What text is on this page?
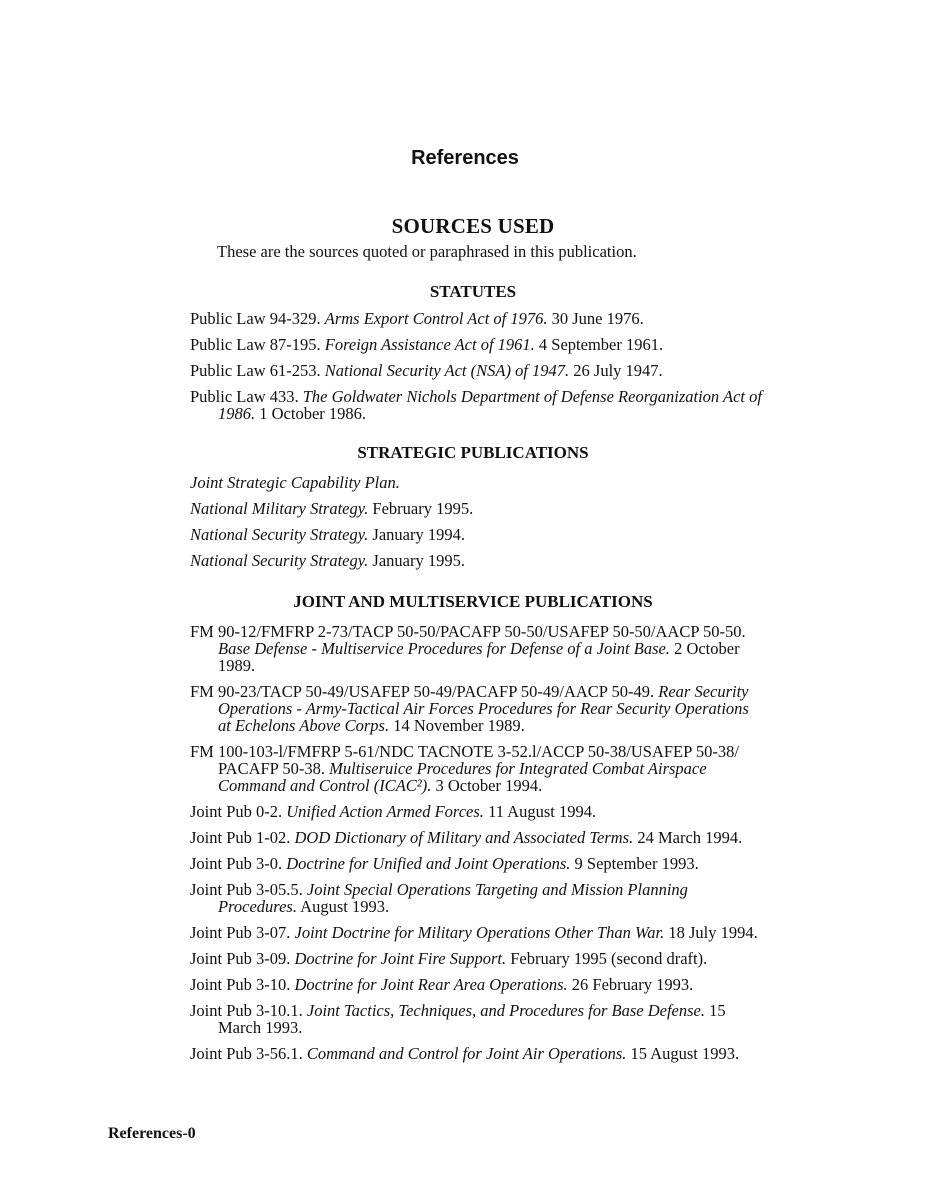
References
SOURCES USED
These are the sources quoted or paraphrased in this publication.
STATUTES
Public Law 94-329. Arms Export Control Act of 1976. 30 June 1976.
Public Law 87-195. Foreign Assistance Act of 1961. 4 September 1961.
Public Law 61-253. National Security Act (NSA) of 1947. 26 July 1947.
Public Law 433. The Goldwater Nichols Department of Defense Reorganization Act of 1986. 1 October 1986.
STRATEGIC PUBLICATIONS
Joint Strategic Capability Plan.
National Military Strategy. February 1995.
National Security Strategy. January 1994.
National Security Strategy. January 1995.
JOINT AND MULTISERVICE PUBLICATIONS
FM 90-12/FMFRP 2-73/TACP 50-50/PACAFP 50-50/USAFEP 50-50/AACP 50-50. Base Defense - Multiservice Procedures for Defense of a Joint Base. 2 October 1989.
FM 90-23/TACP 50-49/USAFEP 50-49/PACAFP 50-49/AACP 50-49. Rear Security Operations - Army-Tactical Air Forces Procedures for Rear Security Operations at Echelons Above Corps. 14 November 1989.
FM 100-103-l/FMFRP 5-61/NDC TACNOTE 3-52.l/ACCP 50-38/USAFEP 50-38/ PACAFP 50-38. Multiseruice Procedures for Integrated Combat Airspace Command and Control (ICAC²). 3 October 1994.
Joint Pub 0-2. Unified Action Armed Forces. 11 August 1994.
Joint Pub 1-02. DOD Dictionary of Military and Associated Terms. 24 March 1994.
Joint Pub 3-0. Doctrine for Unified and Joint Operations. 9 September 1993.
Joint Pub 3-05.5. Joint Special Operations Targeting and Mission Planning Procedures. August 1993.
Joint Pub 3-07. Joint Doctrine for Military Operations Other Than War. 18 July 1994.
Joint Pub 3-09. Doctrine for Joint Fire Support. February 1995 (second draft).
Joint Pub 3-10. Doctrine for Joint Rear Area Operations. 26 February 1993.
Joint Pub 3-10.1. Joint Tactics, Techniques, and Procedures for Base Defense. 15 March 1993.
Joint Pub 3-56.1. Command and Control for Joint Air Operations. 15 August 1993.
References-0
